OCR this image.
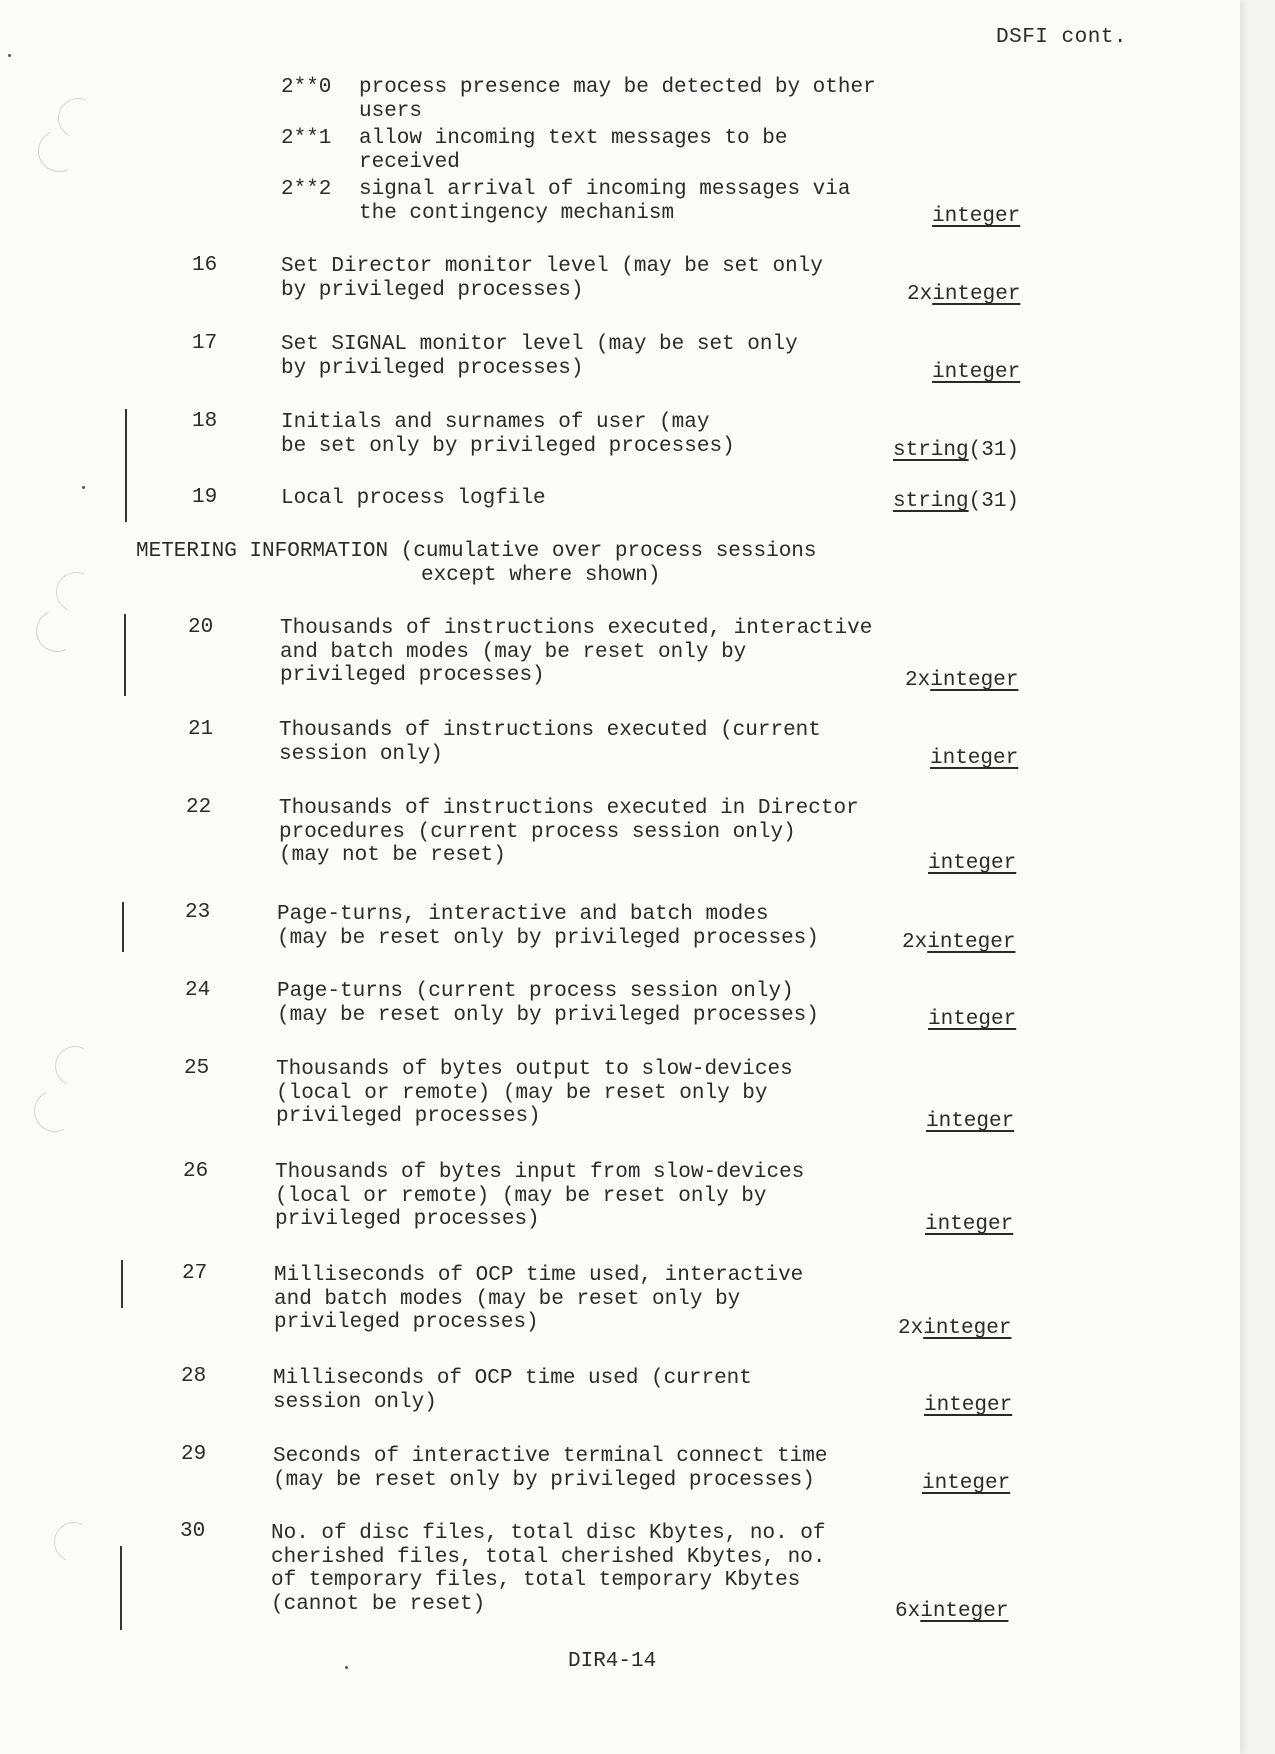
DSFI cont.
2**0 process presence may be detected by other
users
2**1 allow incoming text messages to be
received
2**2 signal arrival of incoming messages via
the contingency mechanism	integer
16	Set Director monitor level (may be set only
by privileged processes)	2xinteger
17	Set SIGNAL monitor level (may be set only
by privileged processes)	integer
18	Initials and surnames of user (may
be set only by privileged processes)	string(31)
19	Local process logfile	string(31)
METERING INFORMATION (cumulative over process sessions
except where shown)
20	Thousands of instructions executed, interactive
and batch modes (may be reset only by
privileged processes)	2xinteger
21	Thousands of instructions executed (current
session only)	integer
22	Thousands of instructions executed in Director
procedures (current process session only)
(may not be reset)	integer
23	Page-turns, interactive and batch modes
(may be reset only by privileged processes)	2xinteger
24	Page-turns (current process session only)
(may be reset only by privileged processes)	integer
25	Thousands of bytes output to slow-devices
(local or remote) (may be reset only by
privileged processes)	integer
26	Thousands of bytes input from slow-devices
(local or remote) (may be reset only by
privileged processes)	integer
27	Milliseconds of OCP time used, interactive
and batch modes (may be reset only by
privileged processes)	2xinteger
28	Milliseconds of OCP time used (current
session only)	integer
29	Seconds of interactive terminal connect time
(may be reset only by privileged processes)	integer
30	No. of disc files, total disc Kbytes, no. of
cherished files, total cherished Kbytes, no.
of temporary files, total temporary Kbytes
(cannot be reset)	6xinteger
DIR4-14
